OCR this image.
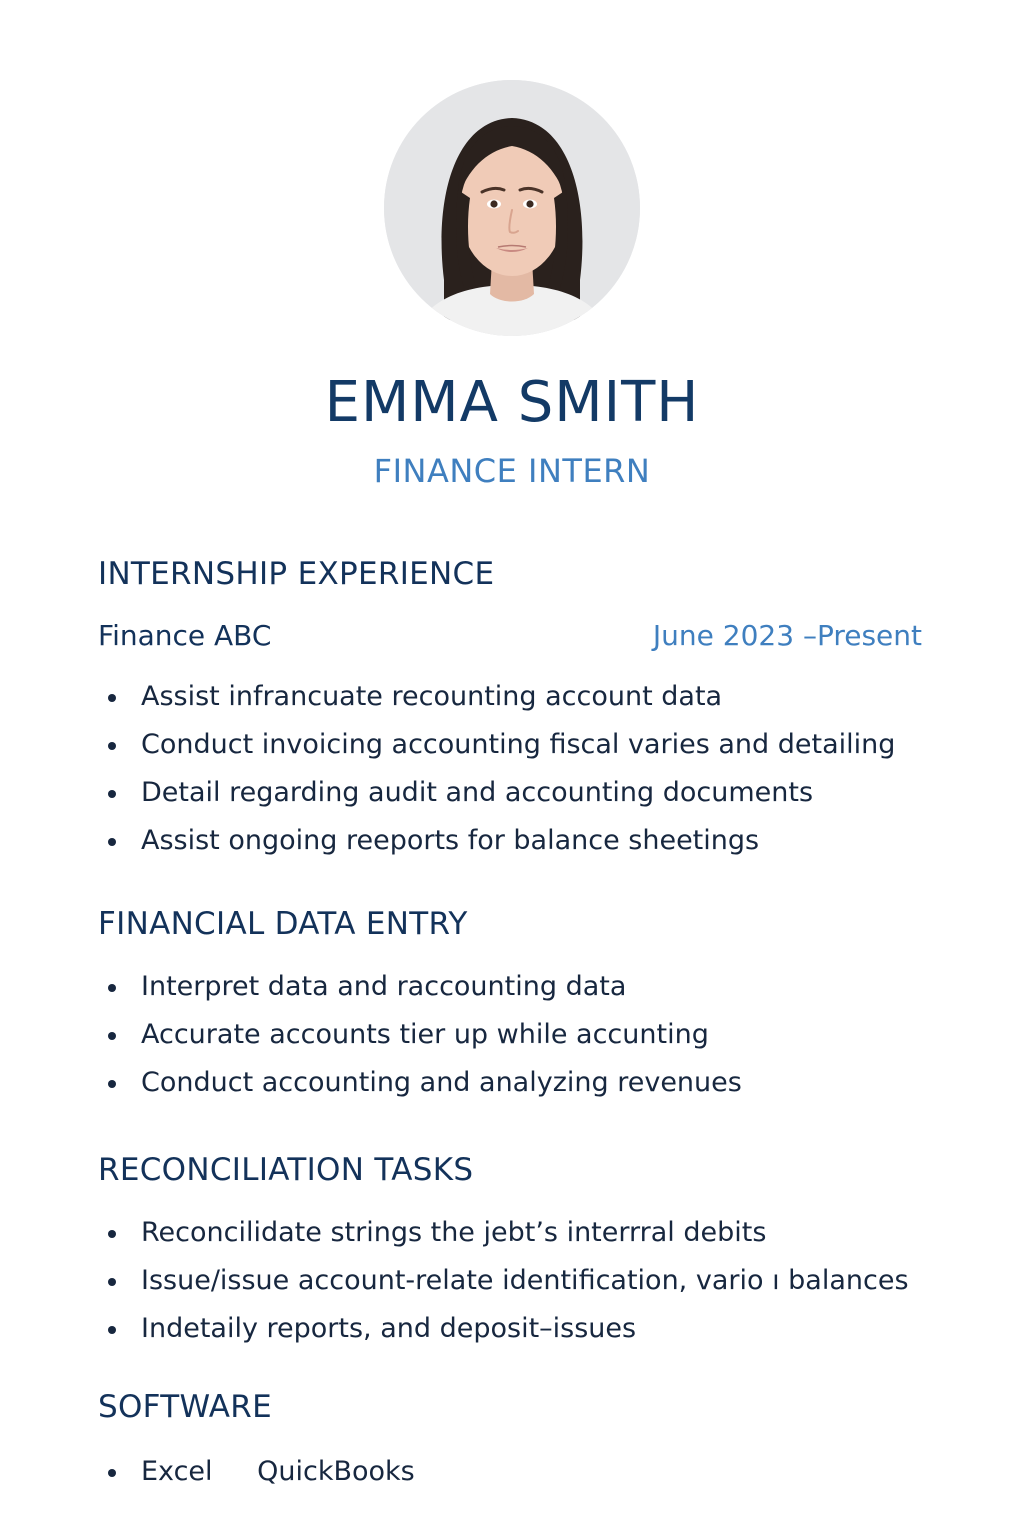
EMMA SMITH
FINANCE INTERN
INTERNSHIP EXPERIENCE
Finance ABC	June 2023 –Present
Assist infrancuate recounting account data
Conduct invoicing accounting fiscal varies and detailing
Detail regarding audit and accounting documents
Assist ongoing reeports for balance sheetings
FINANCIAL DATA ENTRY
Interpret data and raccounting data
Accurate accounts tier up while accunting
Conduct accounting and analyzing revenues
RECONCILIATION TASKS
Reconcilidate strings the jebt’s interrral debits
Issue/issue account-relate identification, vario ı balances
Indetaily reports, and deposit–issues
SOFTWARE
Excel QuickBooks
